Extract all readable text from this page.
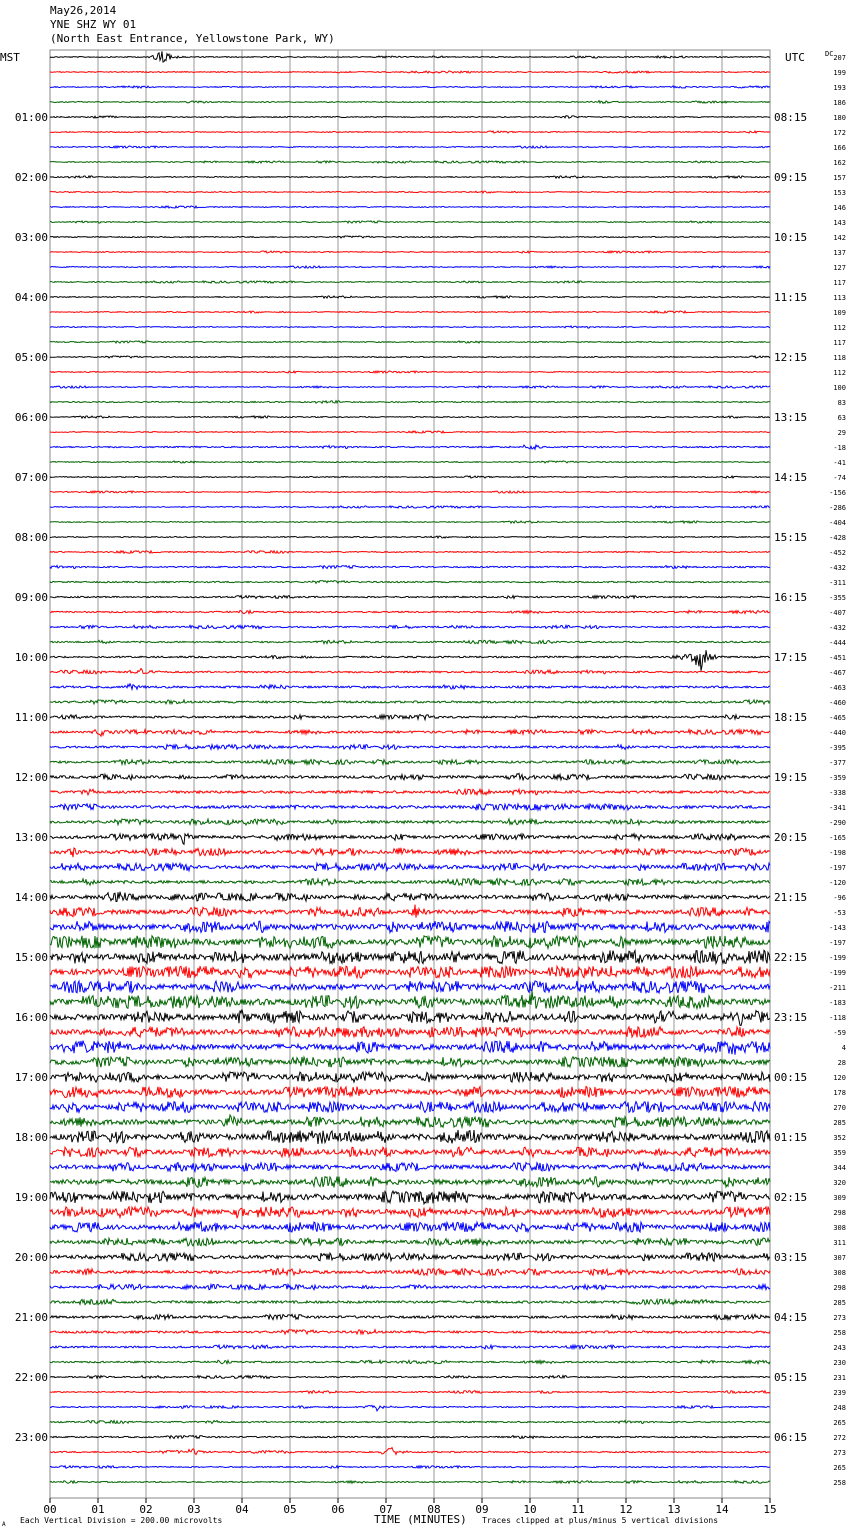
May26,2014
YNE SHZ WY 01
(North East Entrance, Yellowstone Park, WY)
00	01	02	03	04	05	06	07	08	09	10	11	12	13	14	15
01:00
02:00
03:00
04:00
05:00
06:00
07:00
08:00
09:00
10:00
11:00
12:00
13:00
14:00
15:00
16:00
17:00
18:00
19:00
20:00
21:00
22:00
23:00
08:15
09:15
10:15
11:15
12:15
13:15
14:15
15:15
16:15
17:15
18:15
19:15
20:15
21:15
22:15
23:15
00:15
01:15
02:15
03:15
04:15
05:15
06:15
207
199
193
186
180
172
166
162
157
153
146
143
142
137
127
117
113
109
112
117
118
112
100
83
63
29
-18
-41
-74
-156
-286
-404
-428
-452
-432
-311
-355
-407
-432
-444
-451
-467
-463
-460
-465
-440
-395
-377
-359
-338
-341
-290
-165
-198
-197
-120
-96
-53
-143
-197
-199
-199
-211
-183
-118
-59
4
28
120
178
270
285
352
359
344
320
309
298
308
311
307
308
298
285
273
258
243
230
231
239
248
265
272
273
265
258
MST	UTC	DC
TIME (MINUTES)
Each Vertical Division = 200.00 microvolts	Traces clipped at plus/minus 5 vertical divisions
A
